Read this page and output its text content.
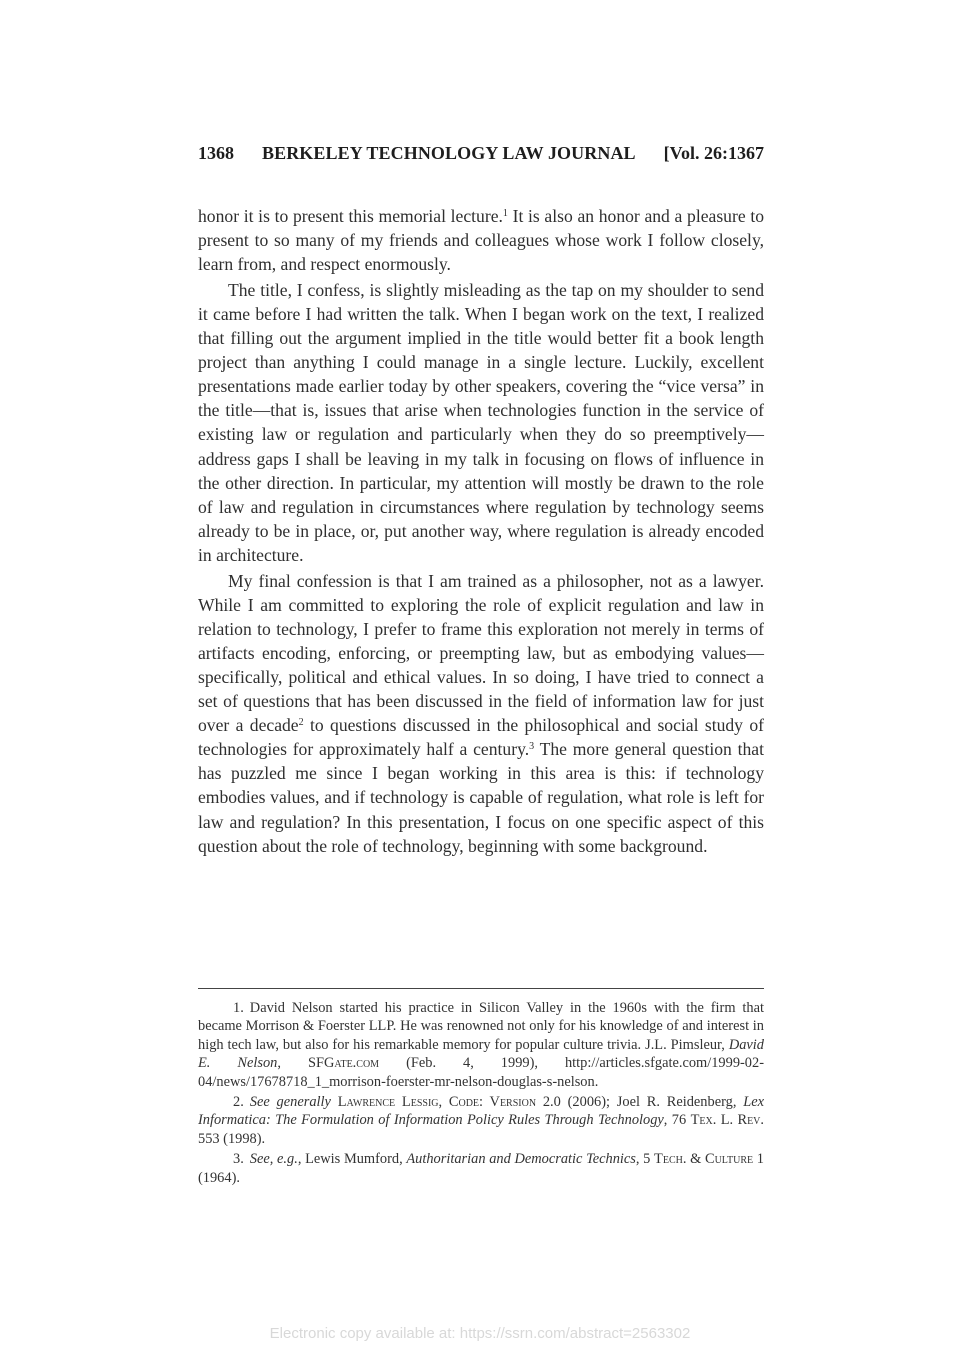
1368 BERKELEY TECHNOLOGY LAW JOURNAL [Vol. 26:1367

honor it is to present this memorial lecture.$^1$ It is also an honor and a pleasure to present to so many of my friends and colleagues whose work I follow closely, learn from, and respect enormously.

The title, I confess, is slightly misleading as the tap on my shoulder to send it came before I had written the talk. When I began work on the text, I realized that filling out the argument implied in the title would better fit a book length project than anything I could manage in a single lecture. Luckily, excellent presentations made earlier today by other speakers, covering the “vice versa” in the title—that is, issues that arise when technologies function in the service of existing law or regulation and particularly when they do so preemptively—address gaps I shall be leaving in my talk in focusing on flows of influence in the other direction. In particular, my attention will mostly be drawn to the role of law and regulation in circumstances where regulation by technology seems already to be in place, or, put another way, where regulation is already encoded in architecture.

My final confession is that I am trained as a philosopher, not as a lawyer. While I am committed to exploring the role of explicit regulation and law in relation to technology, I prefer to frame this exploration not merely in terms of artifacts encoding, enforcing, or preempting law, but as embodying values—specifically, political and ethical values. In so doing, I have tried to connect a set of questions that has been discussed in the field of information law for just over a decade$^2$ to questions discussed in the philosophical and social study of technologies for approximately half a century.$^3$ The more general question that has puzzled me since I began working in this area is this: if technology embodies values, and if technology is capable of regulation, what role is left for law and regulation? In this presentation, I focus on one specific aspect of this question about the role of technology, beginning with some background.

1. David Nelson started his practice in Silicon Valley in the 1960s with the firm that became Morrison & Foerster LLP. He was renowned not only for his knowledge of and interest in high tech law, but also for his remarkable memory for popular culture trivia. J.L. Pimsleur, David E. Nelson, SFGate.com (Feb. 4, 1999), http://articles.sfgate.com/1999-02-04/news/17678718_1_morrison-foerster-mr-nelson-douglas-s-nelson.

2. See generally Lawrence Lessig, Code: Version 2.0 (2006); Joel R. Reidenberg, Lex Informatica: The Formulation of Information Policy Rules Through Technology, 76 Tex. L. Rev. 553 (1998).

3. See, e.g., Lewis Mumford, Authoritarian and Democratic Technics, 5 Tech. & Culture 1 (1964).

Electronic copy available at: https://ssrn.com/abstract=2563302
